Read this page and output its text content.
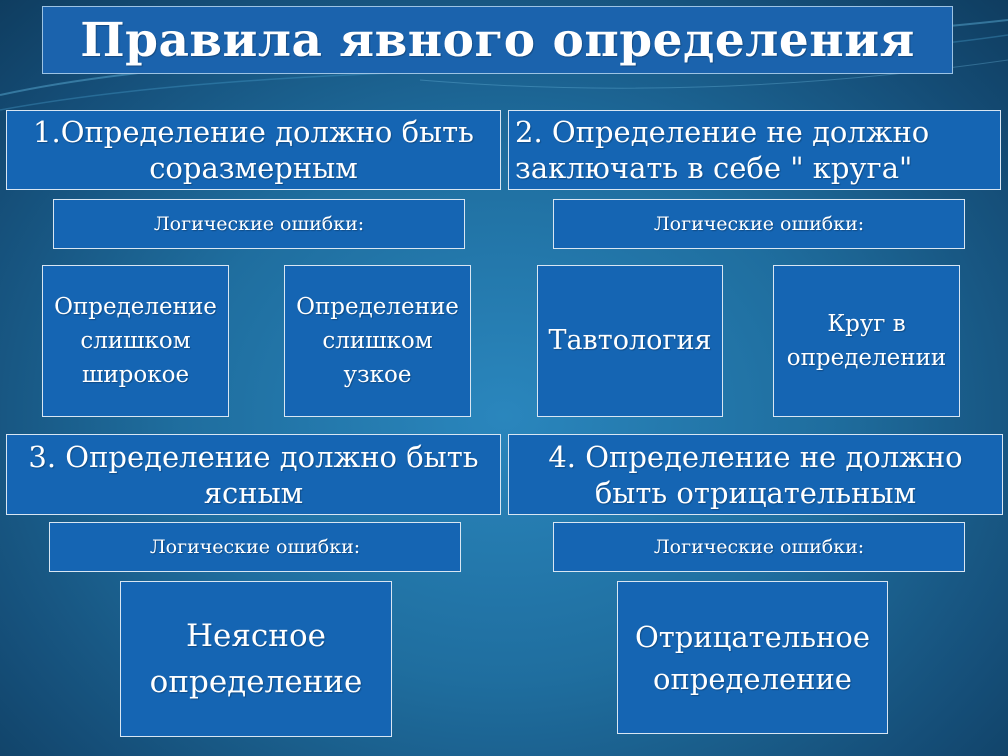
Правила явного определения
1.Определение должно быть соразмерным
Логические ошибки:
Определение слишком широкое
Определение слишком узкое
2. Определение не должно заключать в себе " круга"
Логические ошибки:
Тавтология
Круг в определении
3. Определение должно быть ясным
Логические ошибки:
Неясное определение
4. Определение не должно быть отрицательным
Логические ошибки:
Отрицательное определение
